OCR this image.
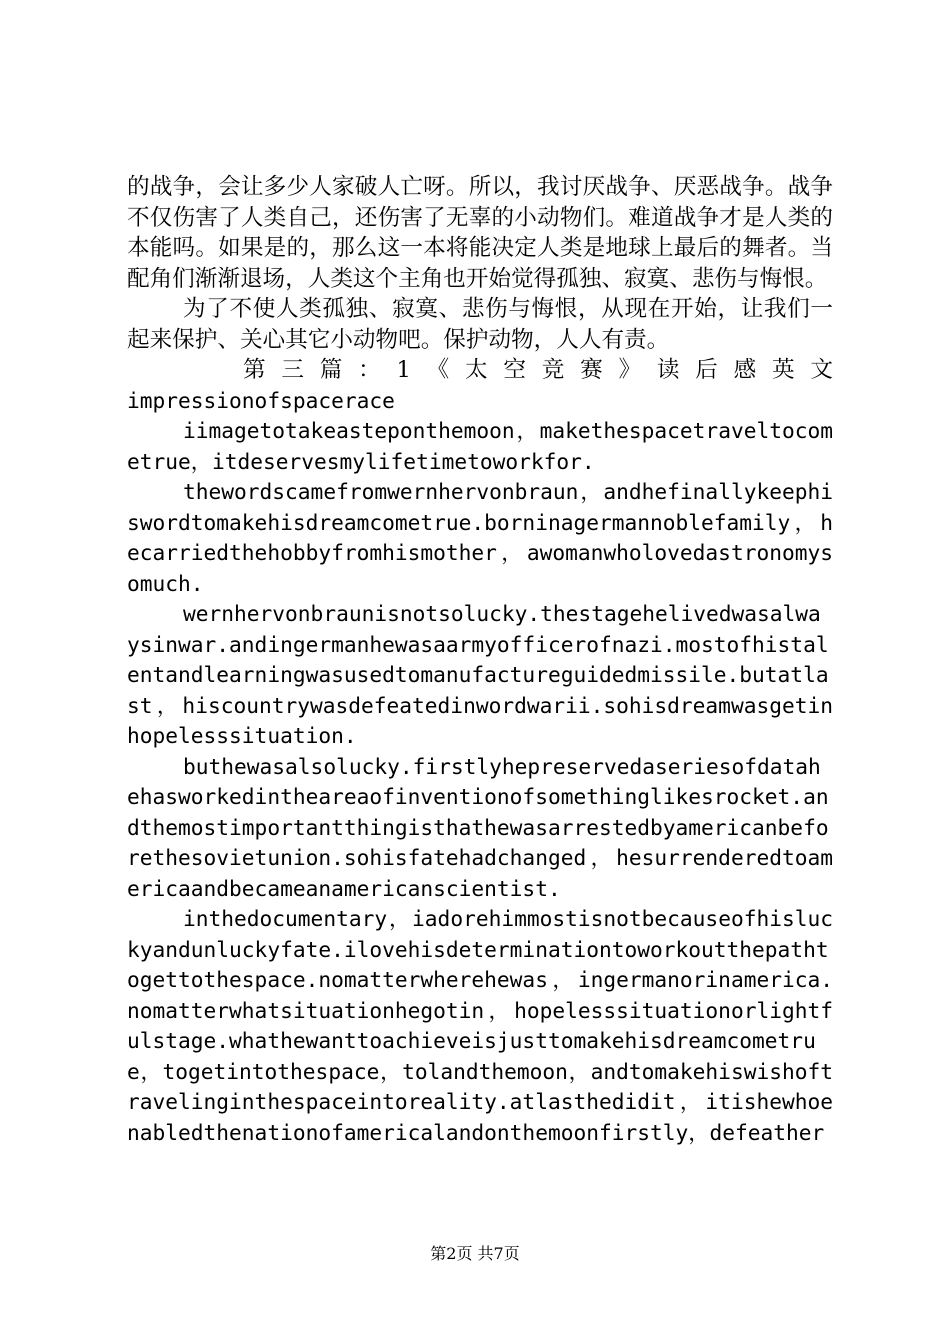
的战争，会让多少人家破人亡呀。所以，我讨厌战争、厌恶战争。战争不仅伤害了人类自己，还伤害了无辜的小动物们。难道战争才是人类的本能吗。如果是的，那么这一本将能决定人类是地球上最后的舞者。当配角们渐渐退场，人类这个主角也开始觉得孤独、寂寞、悲伤与悔恨。

为了不使人类孤独、寂寞、悲伤与悔恨，从现在开始，让我们一起来保护、关心其它小动物吧。保护动物，人人有责。

第三篇：1《太空竞赛》读后感英文

impressionofspacerace

iimagetotakeasteponthemoon，makethespacetraveltocometrue，itdeservesmylifetimetoworkfor.

thewordscamefromwernhervonbraun，andhefinallykeephiswordtomakehisdreamcometrue.borninagermannoblefamily，hecarriedthehobbyfromhismother，awomanwholovedastronomysomuch.

wernhervonbraunisnotsolucky.thestagehelivedwasalwaysinwar.andingermanhewasaarmyofficerofnazi.mostofhistalentandlearningwasusedtomanufactureguidedmissile.butatlast，hiscountrywasdefeatedinwordwarii.sohisdreamwasgetinhopelesssituation.

buthewasalsolucky.firstlyhepreservedaseriesofdatahehasworkedintheareaofinventionofsomethinglikesrocket.andthemostimportantthingisthathewasarrestedbyamericanbeforethesovietunion.sohisfatehadchanged，hesurrenderedtoamericaandbecameanamericanscientist.

inthedocumentary，iadorehimmostisnotbecauseofhisluckyandunluckyfate.ilovehisdeterminationtoworkoutthepathtogettothespace.nomatterwherehewas，ingermanorinamerica.nomatterwhatsituationhegotin，hopelesssituationorlightfulstage.whathewanttoachieveisjusttomakehisdreamcometrue，togetintothespace，tolandthemoon，andtomakehiswishoftravelinginthespaceintoreality.atlasthedidit，itishewhoenabledthenationofamericalandonthemoonfirstly，defeather

第2页 共7页
